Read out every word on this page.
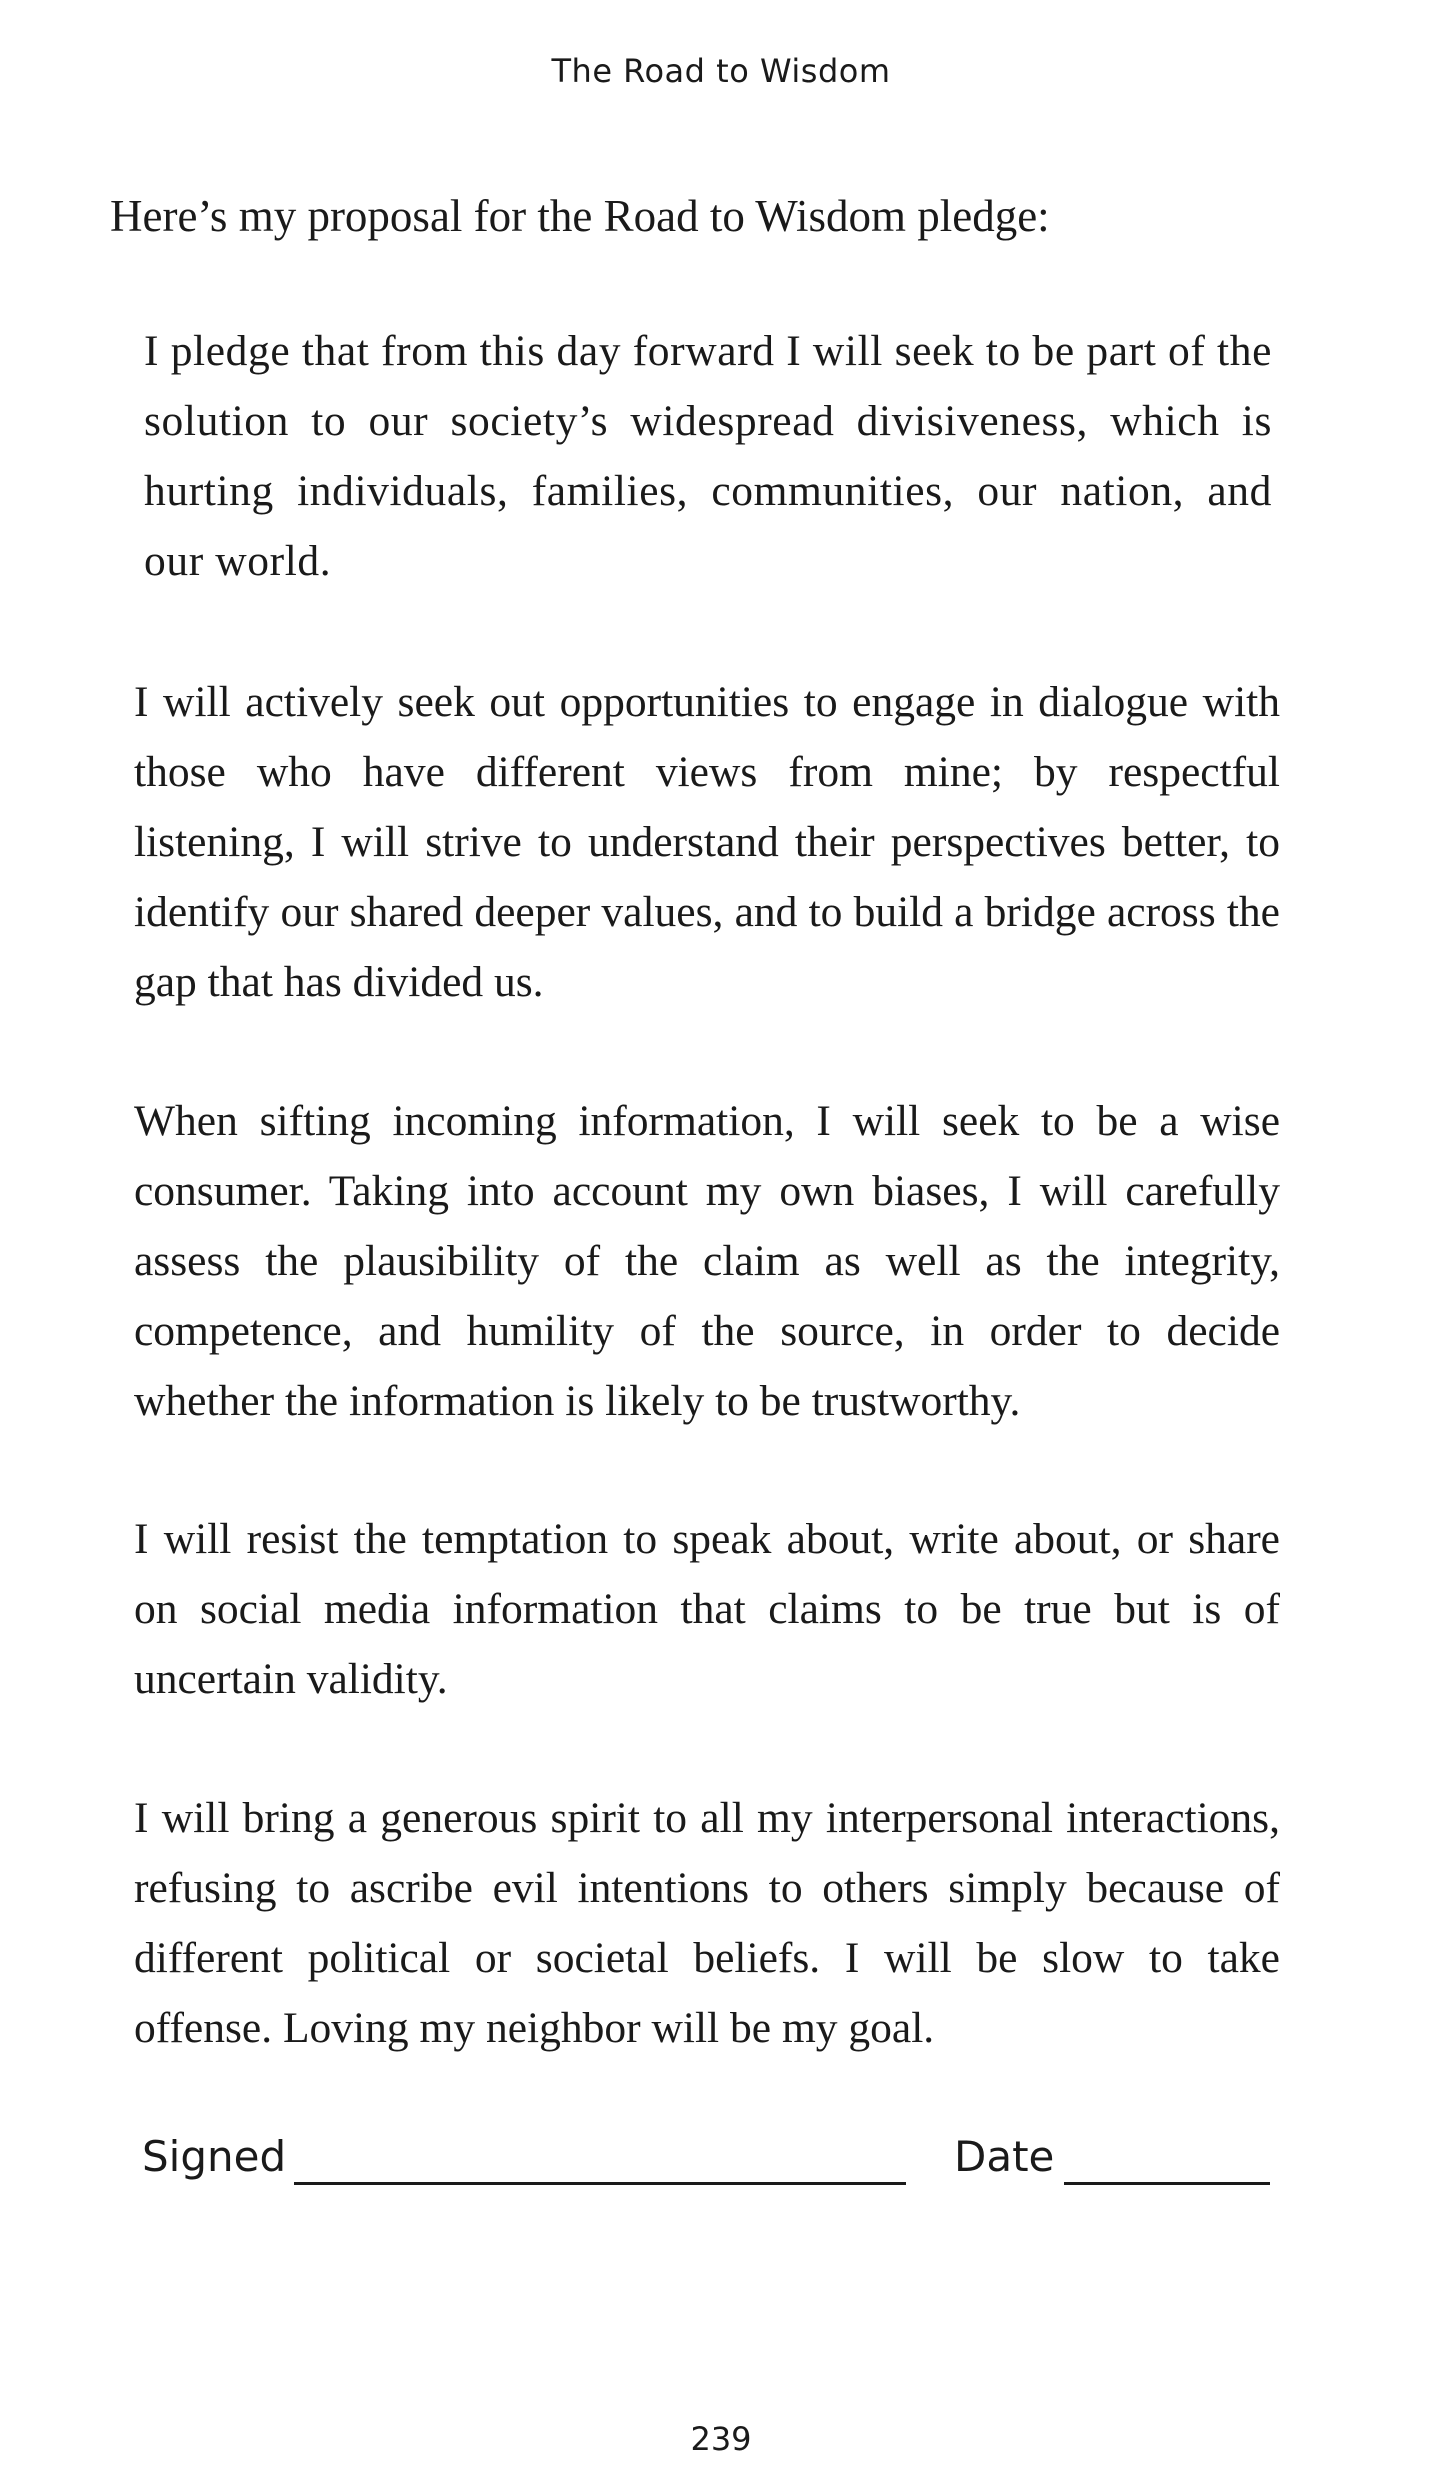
The Road to Wisdom
Here’s my proposal for the Road to Wisdom pledge:
I pledge that from this day forward I will seek to be part of the solution to our society’s widespread divisiveness, which is hurting individuals, families, communities, our nation, and our world.
I will actively seek out opportunities to engage in dialogue with those who have different views from mine; by respectful listening, I will strive to understand their perspectives better, to identify our shared deeper values, and to build a bridge across the gap that has divided us.
When sifting incoming information, I will seek to be a wise consumer. Taking into account my own biases, I will carefully assess the plausibility of the claim as well as the integrity, competence, and humility of the source, in order to decide whether the information is likely to be trustworthy.
I will resist the temptation to speak about, write about, or share on social media information that claims to be true but is of uncertain validity.
I will bring a generous spirit to all my interpersonal interactions, refusing to ascribe evil intentions to others simply because of different political or societal beliefs. I will be slow to take offense. Loving my neighbor will be my goal.
Signed	Date
239
